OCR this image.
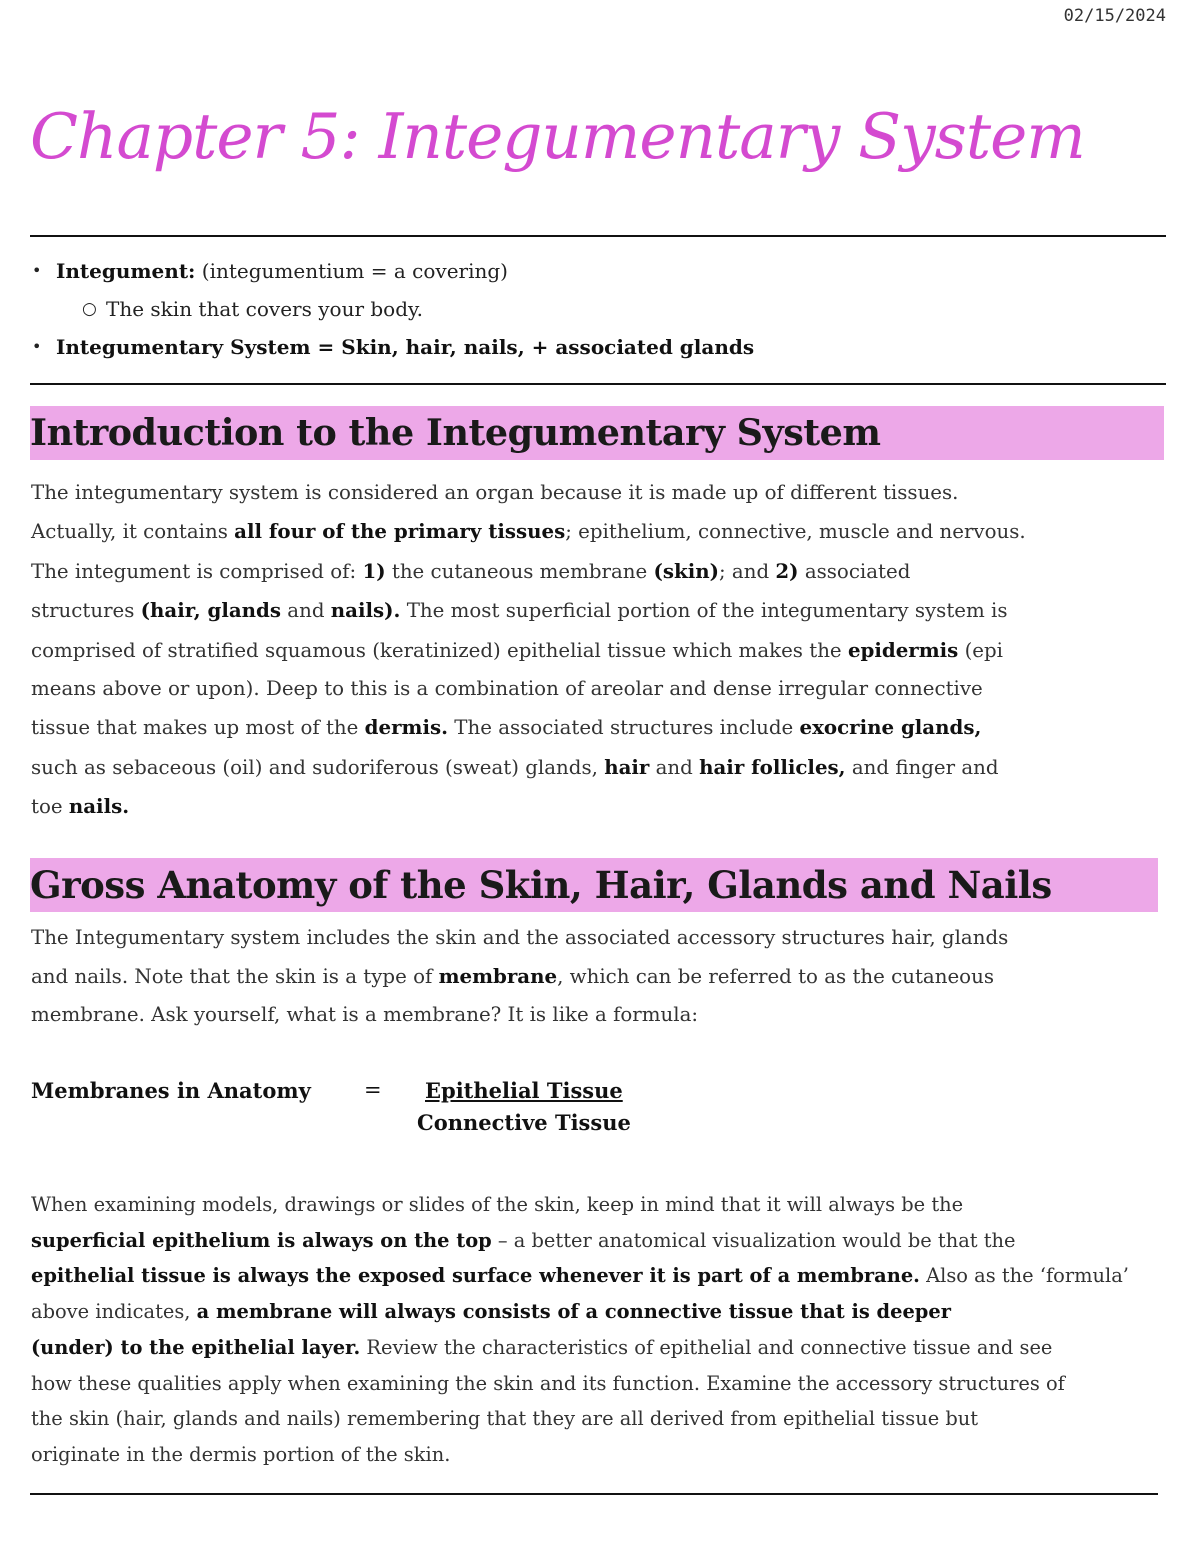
02/15/2024
Chapter 5: Integumentary System
• Integument: (integumentium = a covering)
○ The skin that covers your body.
• Integumentary System = Skin, hair, nails, + associated glands
Introduction to the Integumentary System
The integumentary system is considered an organ because it is made up of different tissues.
Actually, it contains all four of the primary tissues; epithelium, connective, muscle and nervous.
The integument is comprised of: 1) the cutaneous membrane (skin); and 2) associated
structures (hair, glands and nails). The most superficial portion of the integumentary system is
comprised of stratified squamous (keratinized) epithelial tissue which makes the epidermis (epi
means above or upon). Deep to this is a combination of areolar and dense irregular connective
tissue that makes up most of the dermis. The associated structures include exocrine glands,
such as sebaceous (oil) and sudoriferous (sweat) glands, hair and hair follicles, and finger and
toe nails.
Gross Anatomy of the Skin, Hair, Glands and Nails
The Integumentary system includes the skin and the associated accessory structures hair, glands
and nails. Note that the skin is a type of membrane, which can be referred to as the cutaneous
membrane. Ask yourself, what is a membrane? It is like a formula:
Membranes in Anatomy	= Epithelial Tissue
Connective Tissue
When examining models, drawings or slides of the skin, keep in mind that it will always be the
superficial epithelium is always on the top – a better anatomical visualization would be that the
epithelial tissue is always the exposed surface whenever it is part of a membrane. Also as the ‘formula’
above indicates, a membrane will always consists of a connective tissue that is deeper
(under) to the epithelial layer. Review the characteristics of epithelial and connective tissue and see
how these qualities apply when examining the skin and its function. Examine the accessory structures of
the skin (hair, glands and nails) remembering that they are all derived from epithelial tissue but
originate in the dermis portion of the skin.
